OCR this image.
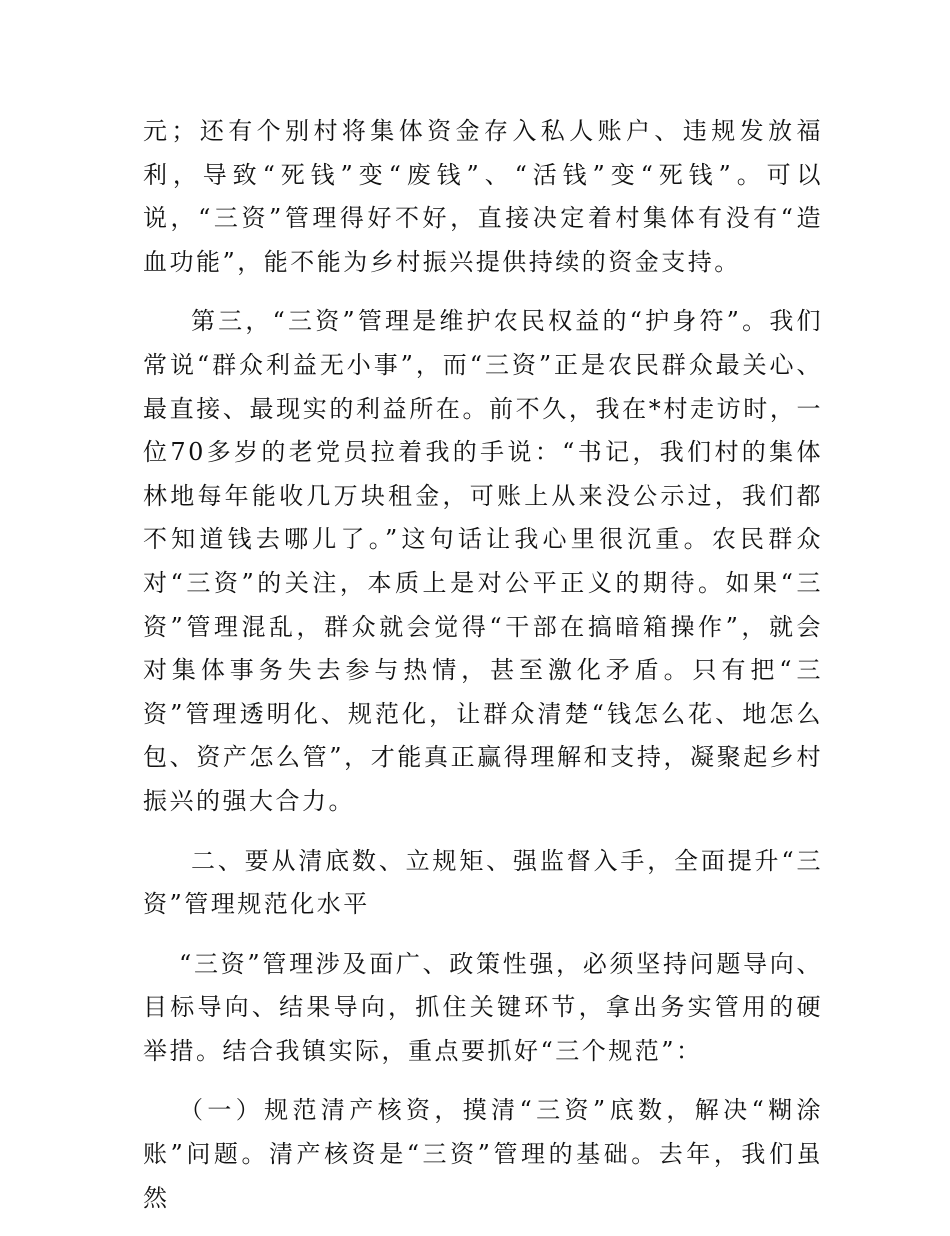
元；还有个别村将集体资金存入私人账户、违规发放福利，导致“死钱”变“废钱”、“活钱”变“死钱”。可以说，“三资”管理得好不好，直接决定着村集体有没有“造血功能”，能不能为乡村振兴提供持续的资金支持。

第三，“三资”管理是维护农民权益的“护身符”。我们常说“群众利益无小事”，而“三资”正是农民群众最关心、最直接、最现实的利益所在。前不久，我在*村走访时，一位70多岁的老党员拉着我的手说：“书记，我们村的集体林地每年能收几万块租金，可账上从来没公示过，我们都不知道钱去哪儿了。”这句话让我心里很沉重。农民群众对“三资”的关注，本质上是对公平正义的期待。如果“三资”管理混乱，群众就会觉得“干部在搞暗箱操作”，就会对集体事务失去参与热情，甚至激化矛盾。只有把“三资”管理透明化、规范化，让群众清楚“钱怎么花、地怎么包、资产怎么管”，才能真正赢得理解和支持，凝聚起乡村振兴的强大合力。

二、要从清底数、立规矩、强监督入手，全面提升“三资”管理规范化水平

“三资”管理涉及面广、政策性强，必须坚持问题导向、目标导向、结果导向，抓住关键环节，拿出务实管用的硬举措。结合我镇实际，重点要抓好“三个规范”：

（一）规范清产核资，摸清“三资”底数，解决“糊涂账”问题。清产核资是“三资”管理的基础。去年，我们虽然
